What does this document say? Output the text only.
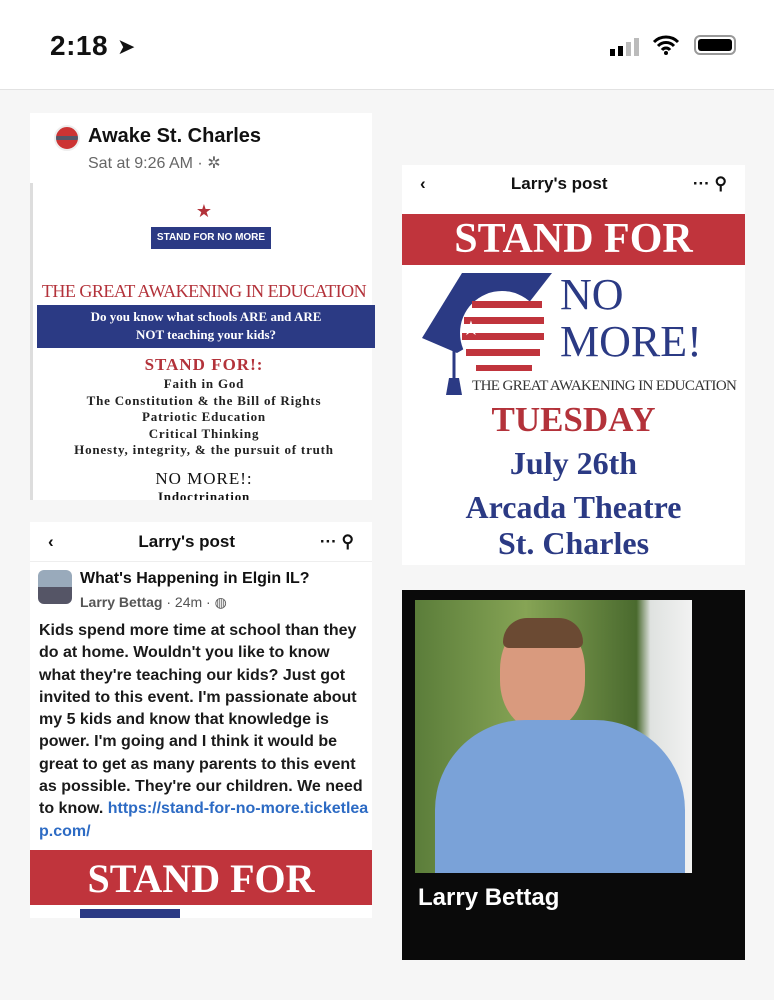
2:18 ➤
Awake St. Charles
Sat at 9:26 AM · ✲
★
STAND FOR NO MORE
THE GREAT AWAKENING IN EDUCATION
Do you know what schools ARE and ARE NOT teaching your kids?
STAND FOR!:
Faith in God
The Constitution & the Bill of Rights
Patriotic Education
Critical Thinking
Honesty, integrity, & the pursuit of truth
NO MORE!:
Indoctrination
‹	Larry's post	··· ⚲
STAND FOR
★
NO
MORE!
THE GREAT AWAKENING IN EDUCATION
TUESDAY
July 26th
Arcada Theatre
St. Charles
‹	Larry's post	··· ⚲
What's Happening in Elgin IL?
Larry Bettag · 24m · ◍
Kids spend more time at school than they do at home. Wouldn't you like to know what they're teaching our kids? Just got invited to this event. I'm passionate about my 5 kids and know that knowledge is power. I'm going and I think it would be great to get as many parents to this event as possible. They're our children. We need to know. https://stand-for-no-more.ticketleap.com/
STAND FOR	Larry Bettag
